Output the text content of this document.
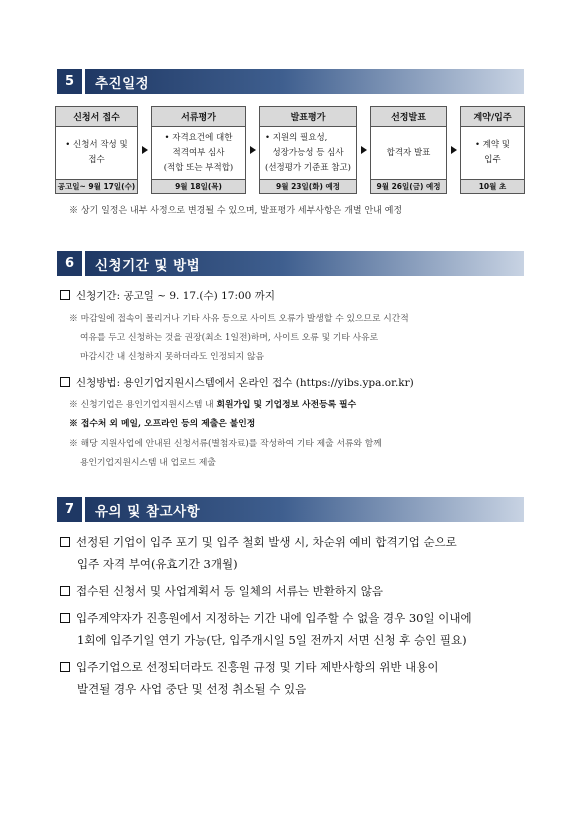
5	추진일정
신청서 접수
• 신청서 작성 및
접수
공고일~ 9월 17일(수)
서류평가
• 자격요건에 대한
적격여부 심사
(적합 또는 부적합)
9월 18일(목)
발표평가
• 지원의 필요성,
성장가능성 등 심사
(선정평가 기준표 참고)
9월 23일(화) 예정
선정발표
합격자 발표
9월 26일(금) 예정
계약/입주
• 계약 및
입주
10월 초
※ 상기 일정은 내부 사정으로 변경될 수 있으며, 발표평가 세부사항은 개별 안내 예정
6	신청기간 및 방법
신청기간: 공고일 ~ 9. 17.(수) 17:00 까지
※ 마감일에 접속이 몰리거나 기타 사유 등으로 사이트 오류가 발생할 수 있으므로 시간적
여유를 두고 신청하는 것을 권장(최소 1일전)하며, 사이트 오류 및 기타 사유로
마감시간 내 신청하지 못하더라도 인정되지 않음
신청방법: 용인기업지원시스템에서 온라인 접수 (https://yibs.ypa.or.kr)
※ 신청기업은 용인기업지원시스템 내 회원가입 및 기업정보 사전등록 필수
※ 접수처 외 메일, 오프라인 등의 제출은 불인정
※ 해당 지원사업에 안내된 신청서류(별첨자료)를 작성하여 기타 제출 서류와 함께
용인기업지원시스템 내 업로드 제출
7	유의 및 참고사항
선정된 기업이 입주 포기 및 입주 철회 발생 시, 차순위 예비 합격기업 순으로
입주 자격 부여(유효기간 3개월)
접수된 신청서 및 사업계획서 등 일체의 서류는 반환하지 않음
입주계약자가 진흥원에서 지정하는 기간 내에 입주할 수 없을 경우 30일 이내에
1회에 입주기일 연기 가능(단, 입주개시일 5일 전까지 서면 신청 후 승인 필요)
입주기업으로 선정되더라도 진흥원 규정 및 기타 제반사항의 위반 내용이
발견될 경우 사업 중단 및 선정 취소될 수 있음
